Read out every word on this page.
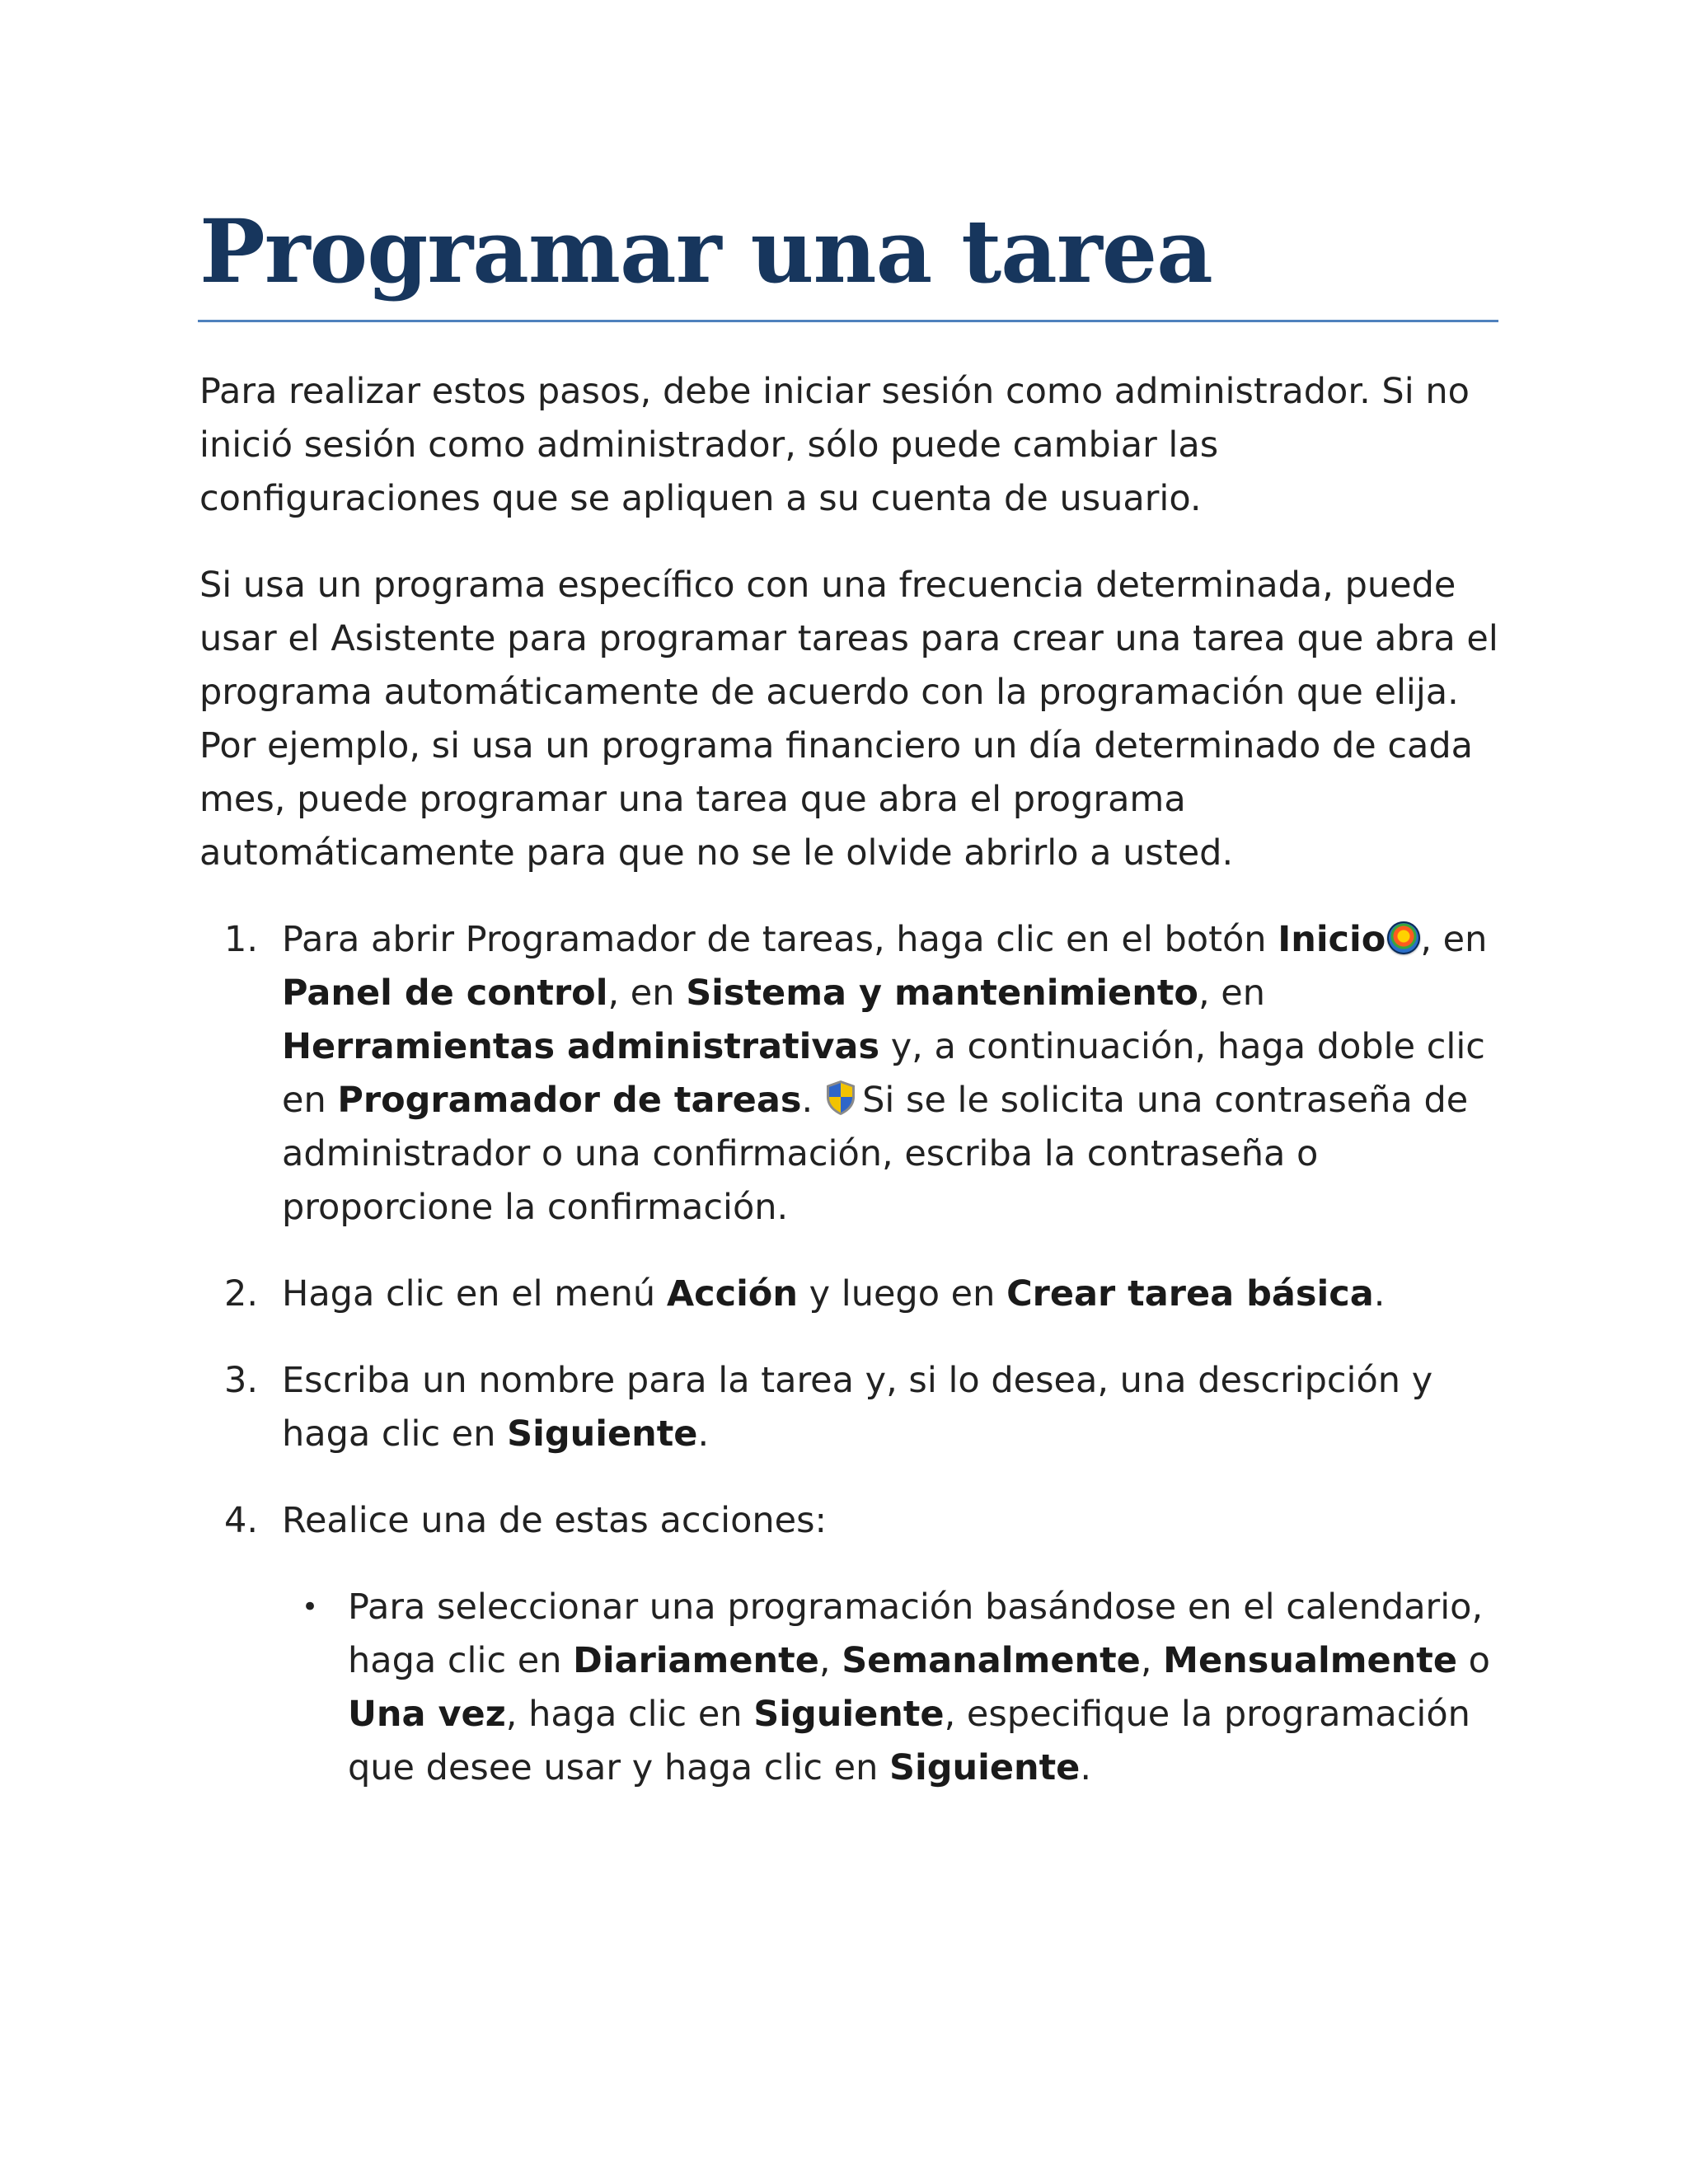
Programar una tarea

Para realizar estos pasos, debe iniciar sesión como administrador. Si no inició sesión como administrador, sólo puede cambiar las configuraciones que se apliquen a su cuenta de usuario.

Si usa un programa específico con una frecuencia determinada, puede usar el Asistente para programar tareas para crear una tarea que abra el programa automáticamente de acuerdo con la programación que elija. Por ejemplo, si usa un programa financiero un día determinado de cada mes, puede programar una tarea que abra el programa automáticamente para que no se le olvide abrirlo a usted.

1. Para abrir Programador de tareas, haga clic en el botón Inicio , en Panel de control, en Sistema y mantenimiento, en Herramientas administrativas y, a continuación, haga doble clic en Programador de tareas. Si se le solicita una contraseña de administrador o una confirmación, escriba la contraseña o proporcione la confirmación.
2. Haga clic en el menú Acción y luego en Crear tarea básica.
3. Escriba un nombre para la tarea y, si lo desea, una descripción y haga clic en Siguiente.
4. Realice una de estas acciones:
• Para seleccionar una programación basándose en el calendario, haga clic en Diariamente, Semanalmente, Mensualmente o Una vez, haga clic en Siguiente, especifique la programación que desee usar y haga clic en Siguiente.
